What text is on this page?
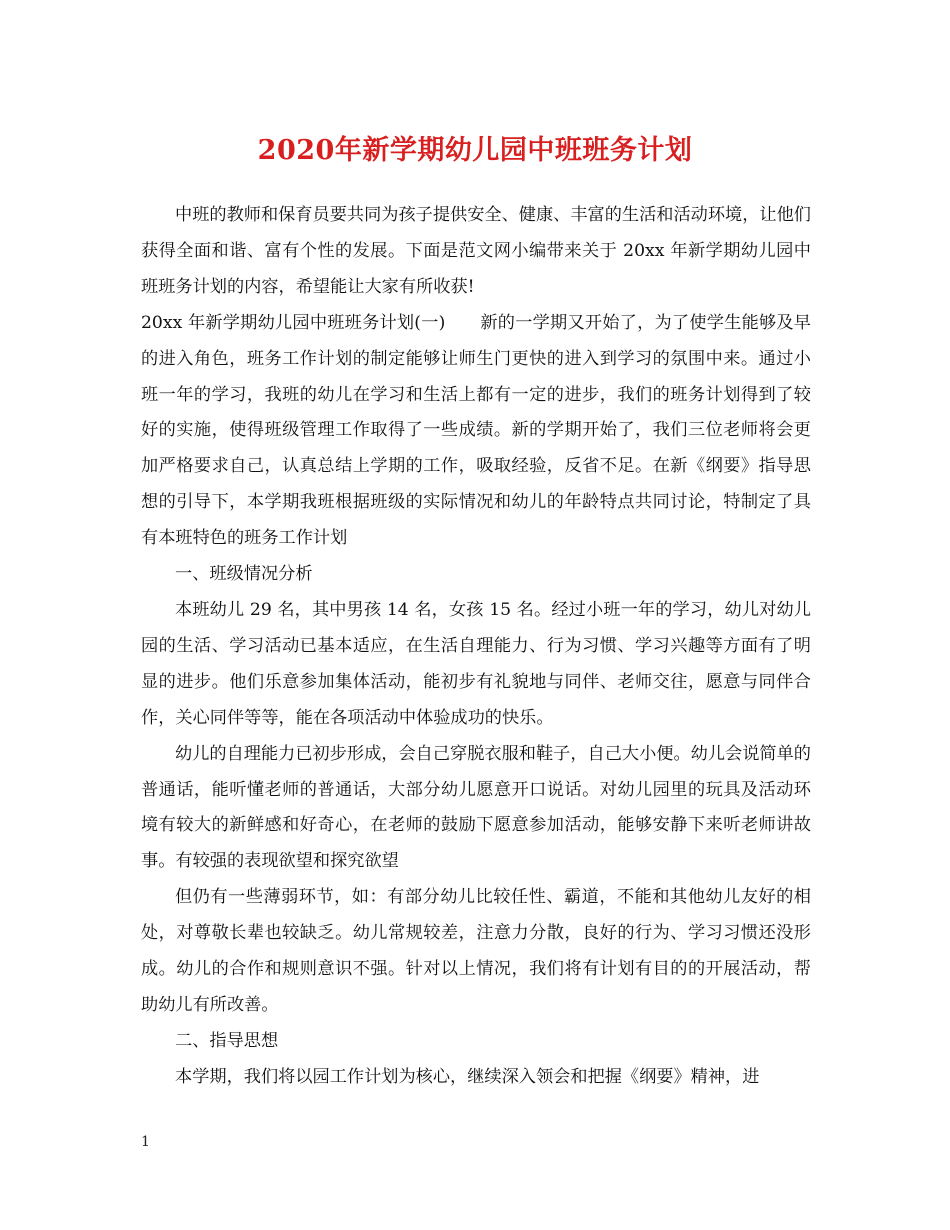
2020年新学期幼儿园中班班务计划

中班的教师和保育员要共同为孩子提供安全、健康、丰富的生活和活动环境，让他们获得全面和谐、富有个性的发展。下面是范文网小编带来关于 20xx 年新学期幼儿园中班班务计划的内容，希望能让大家有所收获!

20xx 年新学期幼儿园中班班务计划(一)　　新的一学期又开始了，为了使学生能够及早的进入角色，班务工作计划的制定能够让师生门更快的进入到学习的氛围中来。通过小班一年的学习，我班的幼儿在学习和生活上都有一定的进步，我们的班务计划得到了较好的实施，使得班级管理工作取得了一些成绩。新的学期开始了，我们三位老师将会更加严格要求自己，认真总结上学期的工作，吸取经验，反省不足。在新《纲要》指导思想的引导下，本学期我班根据班级的实际情况和幼儿的年龄特点共同讨论，特制定了具有本班特色的班务工作计划

一、班级情况分析

本班幼儿 29 名，其中男孩 14 名，女孩 15 名。经过小班一年的学习，幼儿对幼儿园的生活、学习活动已基本适应，在生活自理能力、行为习惯、学习兴趣等方面有了明显的进步。他们乐意参加集体活动，能初步有礼貌地与同伴、老师交往，愿意与同伴合作，关心同伴等等，能在各项活动中体验成功的快乐。

幼儿的自理能力已初步形成，会自己穿脱衣服和鞋子，自己大小便。幼儿会说简单的普通话，能听懂老师的普通话，大部分幼儿愿意开口说话。对幼儿园里的玩具及活动环境有较大的新鲜感和好奇心，在老师的鼓励下愿意参加活动，能够安静下来听老师讲故事。有较强的表现欲望和探究欲望

但仍有一些薄弱环节，如：有部分幼儿比较任性、霸道，不能和其他幼儿友好的相处，对尊敬长辈也较缺乏。幼儿常规较差，注意力分散，良好的行为、学习习惯还没形成。幼儿的合作和规则意识不强。针对以上情况，我们将有计划有目的的开展活动，帮助幼儿有所改善。

二、指导思想

本学期，我们将以园工作计划为核心，继续深入领会和把握《纲要》精神，进

1
